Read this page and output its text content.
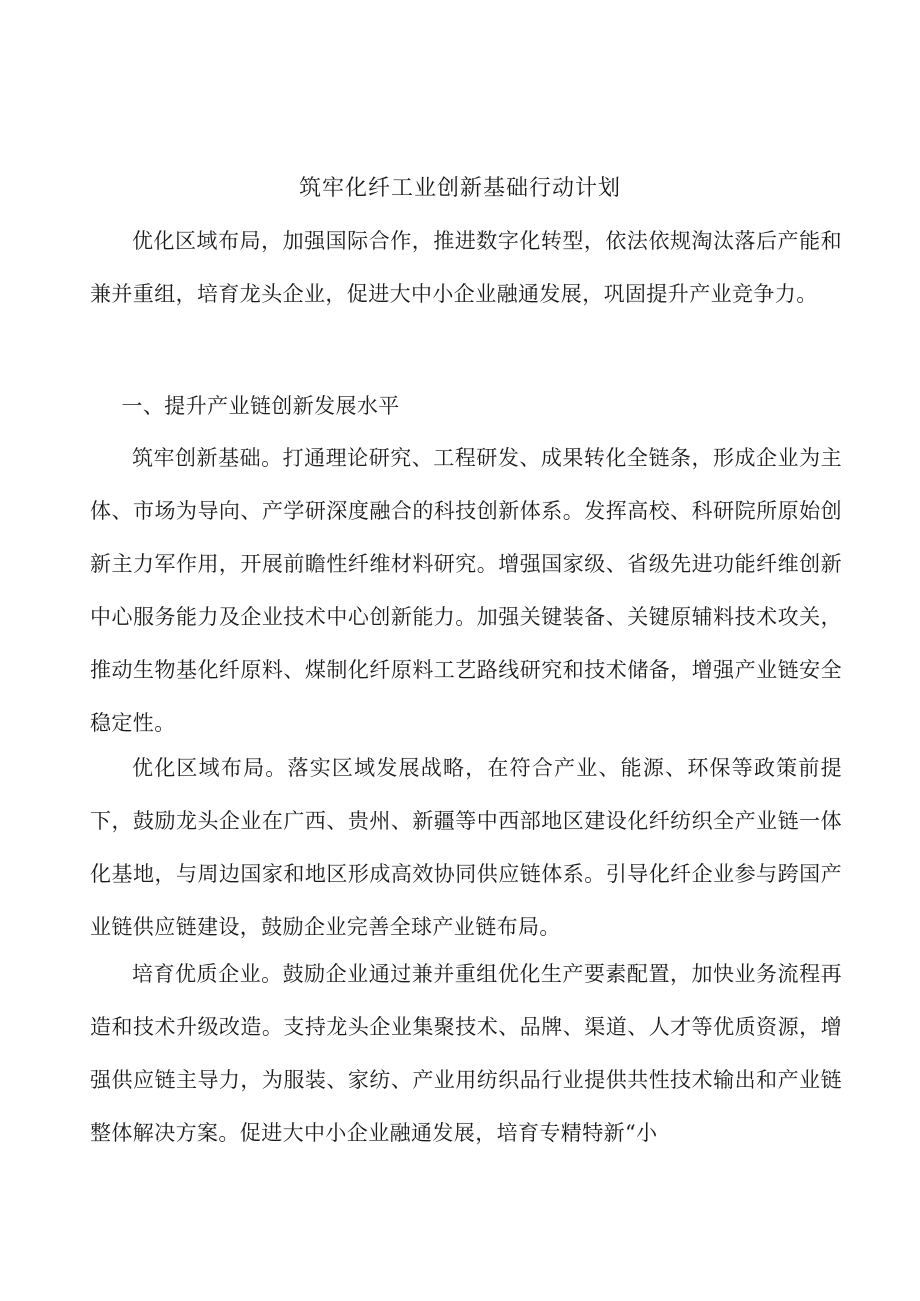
筑牢化纤工业创新基础行动计划

优化区域布局，加强国际合作，推进数字化转型，依法依规淘汰落后产能和兼并重组，培育龙头企业，促进大中小企业融通发展，巩固提升产业竞争力。

一、提升产业链创新发展水平

筑牢创新基础。打通理论研究、工程研发、成果转化全链条，形成企业为主体、市场为导向、产学研深度融合的科技创新体系。发挥高校、科研院所原始创新主力军作用，开展前瞻性纤维材料研究。增强国家级、省级先进功能纤维创新中心服务能力及企业技术中心创新能力。加强关键装备、关键原辅料技术攻关，推动生物基化纤原料、煤制化纤原料工艺路线研究和技术储备，增强产业链安全稳定性。

优化区域布局。落实区域发展战略，在符合产业、能源、环保等政策前提下，鼓励龙头企业在广西、贵州、新疆等中西部地区建设化纤纺织全产业链一体化基地，与周边国家和地区形成高效协同供应链体系。引导化纤企业参与跨国产业链供应链建设，鼓励企业完善全球产业链布局。

培育优质企业。鼓励企业通过兼并重组优化生产要素配置，加快业务流程再造和技术升级改造。支持龙头企业集聚技术、品牌、渠道、人才等优质资源，增强供应链主导力，为服装、家纺、产业用纺织品行业提供共性技术输出和产业链整体解决方案。促进大中小企业融通发展，培育专精特新“小
